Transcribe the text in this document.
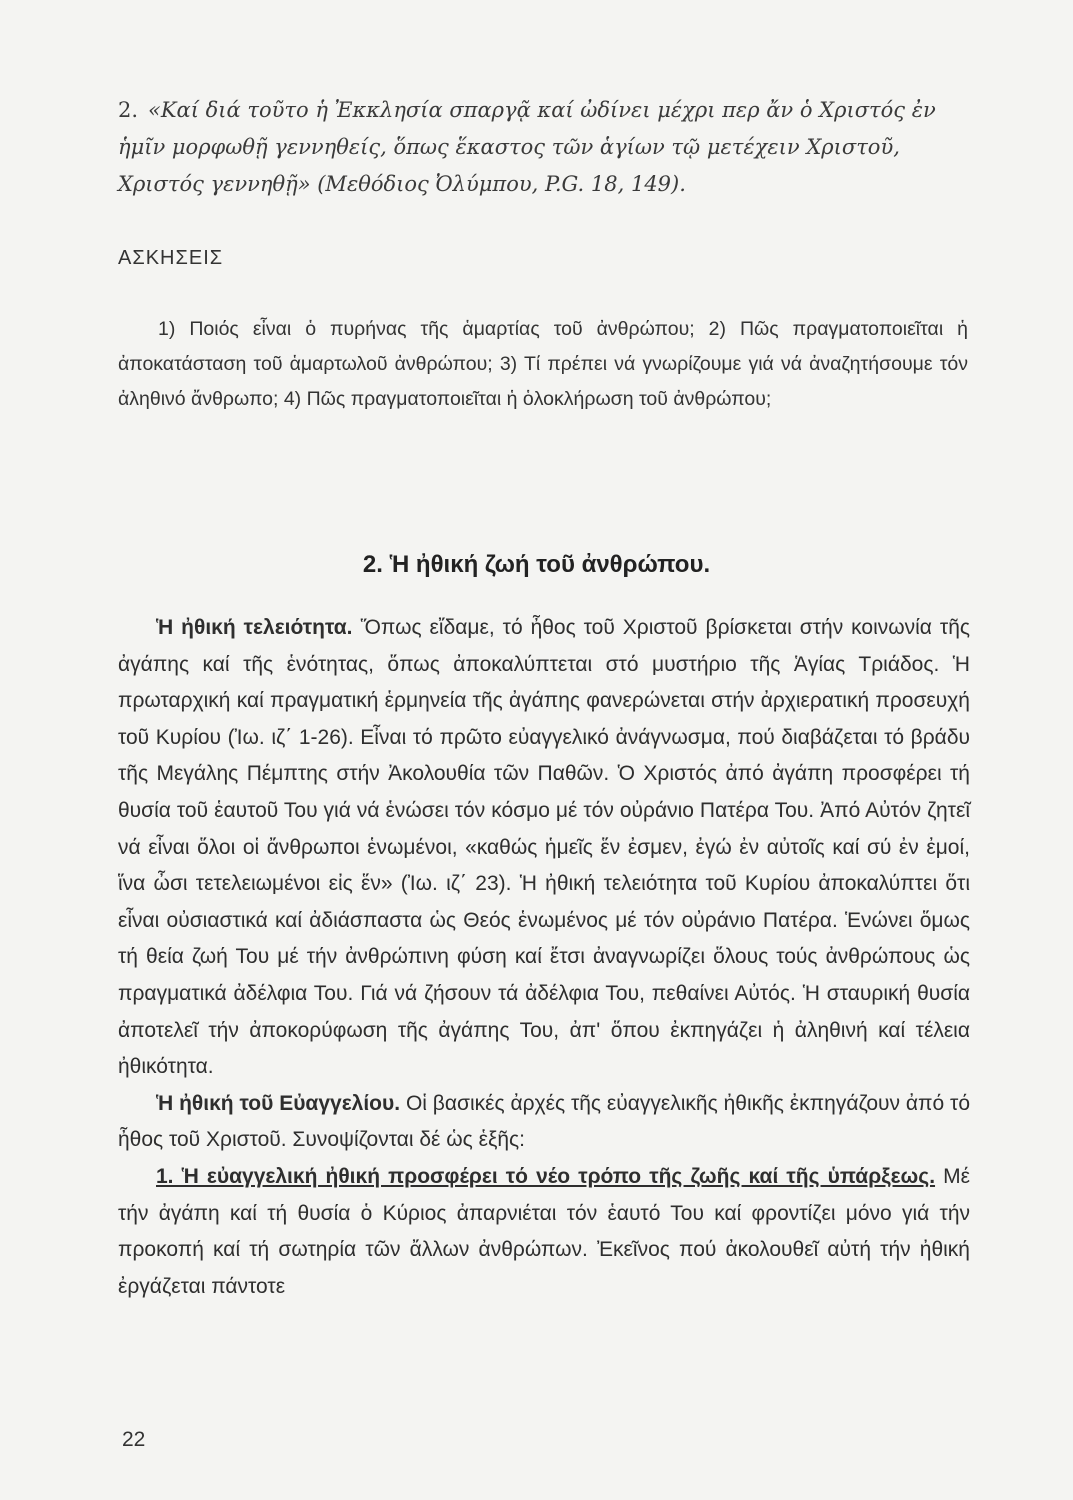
2. «Καί διά τοῦτο ἡ Ἐκκλησία σπαργᾷ καί ὠδίνει μέχρι περ ἄν ὁ Χριστός ἐν
ἡμῖν μορφωθῇ γεννηθείς, ὅπως ἕκαστος τῶν ἁγίων τῷ μετέχειν Χριστοῦ,
Χριστός γεννηθῇ» (Μεθόδιος Ὀλύμπου, P.G. 18, 149).
ΑΣΚΗΣΕΙΣ
1) Ποιός εἶναι ὁ πυρήνας τῆς ἁμαρτίας τοῦ ἀνθρώπου; 2) Πῶς πραγματοποιεῖται ἡ ἀποκατάσταση τοῦ ἁμαρτωλοῦ ἀνθρώπου; 3) Τί πρέπει νά γνωρίζουμε γιά νά ἀναζητήσουμε τόν ἀληθινό ἄνθρωπο; 4) Πῶς πραγματοποιεῖται ἡ ὁλοκλήρωση τοῦ ἀνθρώπου;
2. Ἡ ἠθική ζωή τοῦ ἀνθρώπου.

Ἡ ἠθική τελειότητα. Ὅπως εἴδαμε, τό ἦθος τοῦ Χριστοῦ βρίσκεται στήν κοινωνία τῆς ἀγάπης καί τῆς ἑνότητας, ὅπως ἀποκαλύπτεται στό μυστήριο τῆς Ἁγίας Τριάδος. Ἡ πρωταρχική καί πραγματική ἑρμηνεία τῆς ἀγάπης φανερώνεται στήν ἀρχιερατική προσευχή τοῦ Κυρίου (Ἰω. ιζ΄ 1-26). Εἶναι τό πρῶτο εὐαγγελικό ἀνάγνωσμα, πού διαβάζεται τό βράδυ τῆς Μεγάλης Πέμπτης στήν Ἀκολουθία τῶν Παθῶν. Ὁ Χριστός ἀπό ἀγάπη προσφέρει τή θυσία τοῦ ἑαυτοῦ Του γιά νά ἑνώσει τόν κόσμο μέ τόν οὐράνιο Πατέρα Του. Ἀπό Αὐτόν ζητεῖ νά εἶναι ὅλοι οἱ ἄνθρωποι ἑνωμένοι, «καθώς ἡμεῖς ἕν ἐσμεν, ἐγώ ἐν αὐτοῖς καί σύ ἐν ἐμοί, ἵνα ὦσι τετελειωμένοι εἰς ἕν» (Ἰω. ιζ΄ 23). Ἡ ἠθική τελειότητα τοῦ Κυρίου ἀποκαλύπτει ὅτι εἶναι οὐσιαστικά καί ἀδιάσπαστα ὡς Θεός ἑνωμένος μέ τόν οὐράνιο Πατέρα. Ἑνώνει ὅμως τή θεία ζωή Του μέ τήν ἀνθρώπινη φύση καί ἔτσι ἀναγνωρίζει ὅλους τούς ἀνθρώπους ὡς πραγματικά ἀδέλφια Του. Γιά νά ζήσουν τά ἀδέλφια Του, πεθαίνει Αὐτός. Ἡ σταυρική θυσία ἀποτελεῖ τήν ἀποκορύφωση τῆς ἀγάπης Του, ἀπ' ὅπου ἐκπηγάζει ἡ ἀληθινή καί τέλεια ἠθικότητα.

Ἡ ἠθική τοῦ Εὐαγγελίου. Οἱ βασικές ἀρχές τῆς εὐαγγελικῆς ἠθικῆς ἐκπηγάζουν ἀπό τό ἦθος τοῦ Χριστοῦ. Συνοψίζονται δέ ὡς ἑξῆς:

1. Ἡ εὐαγγελική ἠθική προσφέρει τό νέο τρόπο τῆς ζωῆς καί τῆς ὑπάρξεως. Μέ τήν ἀγάπη καί τή θυσία ὁ Κύριος ἀπαρνιέται τόν ἑαυτό Του καί φροντίζει μόνο γιά τήν προκοπή καί τή σωτηρία τῶν ἄλλων ἀνθρώπων. Ἐκεῖνος πού ἀκολουθεῖ αὐτή τήν ἠθική ἐργάζεται πάντοτε

22
